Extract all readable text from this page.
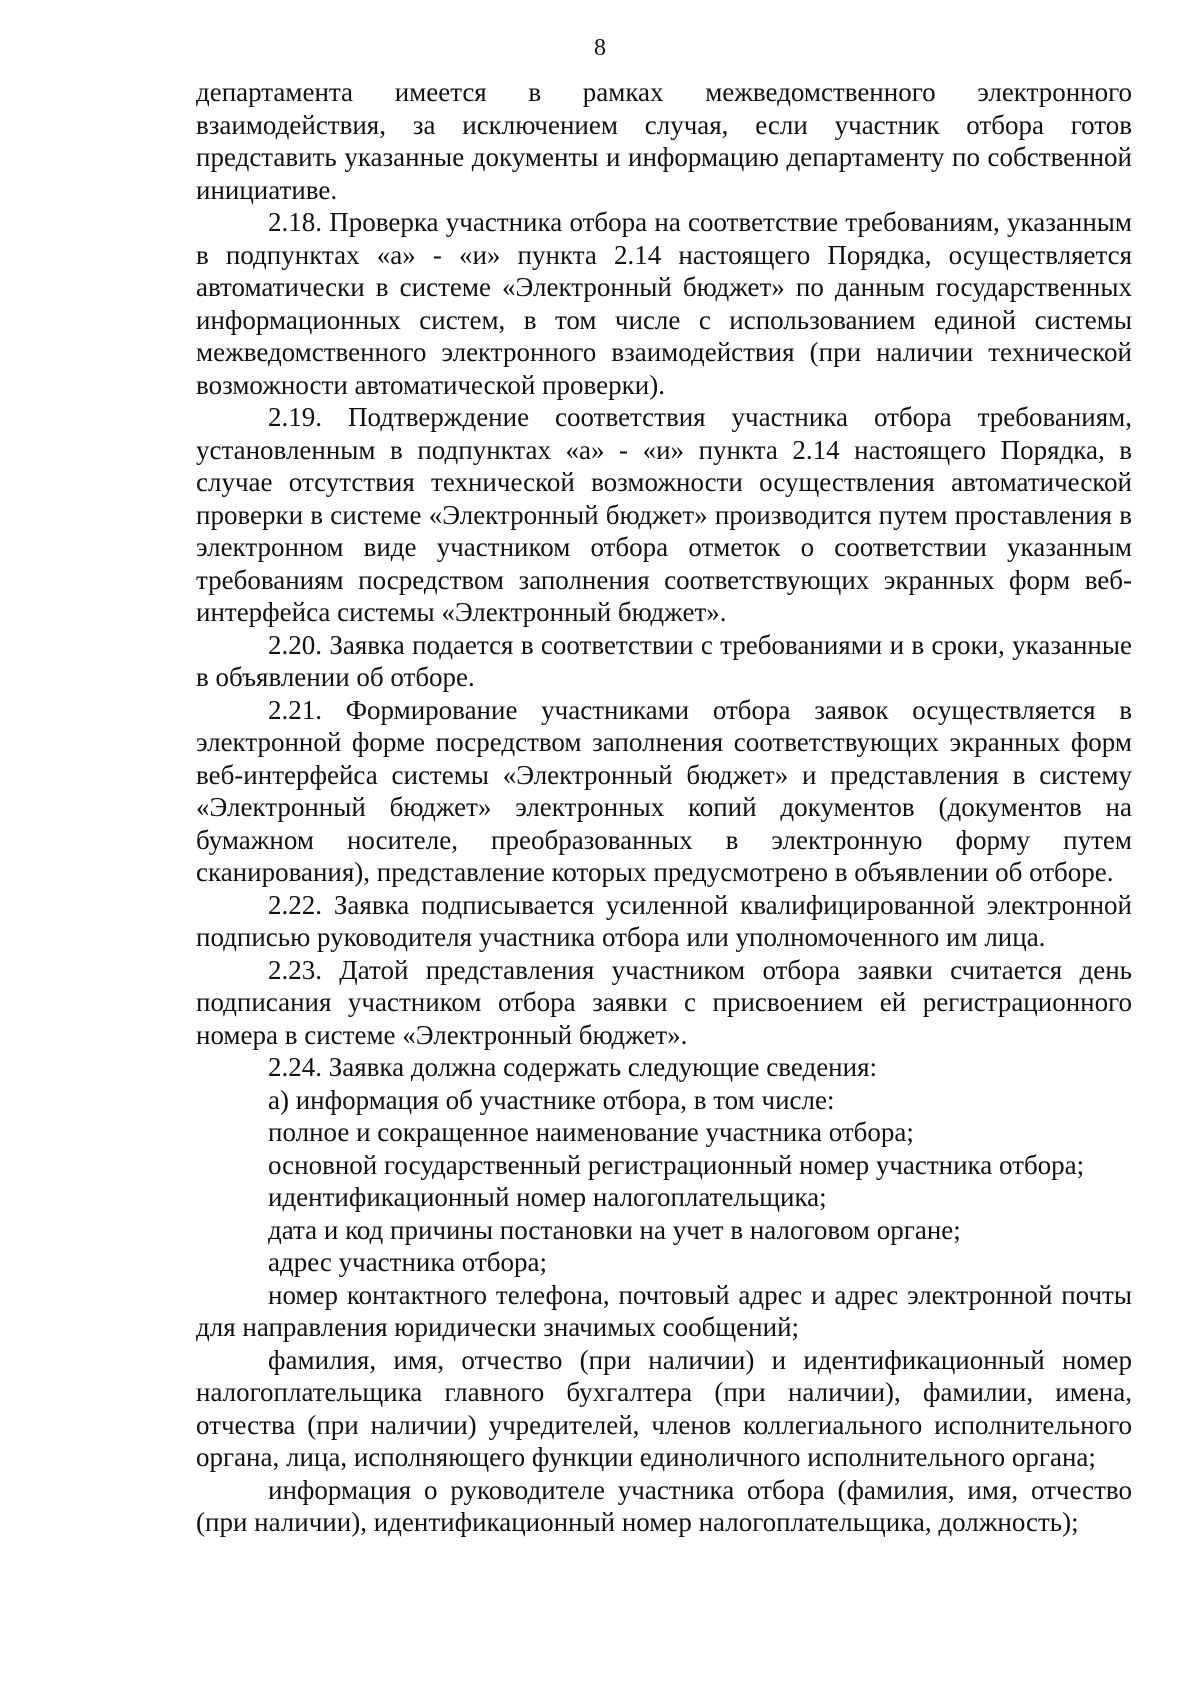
8

департамента имеется в рамках межведомственного электронного взаимодействия, за исключением случая, если участник отбора готов представить указанные документы и информацию департаменту по собственной инициативе.

2.18. Проверка участника отбора на соответствие требованиям, указанным в подпунктах «а» - «и» пункта 2.14 настоящего Порядка, осуществляется автоматически в системе «Электронный бюджет» по данным государственных информационных систем, в том числе с использованием единой системы межведомственного электронного взаимодействия (при наличии технической возможности автоматической проверки).

2.19. Подтверждение соответствия участника отбора требованиям, установленным в подпунктах «а» - «и» пункта 2.14 настоящего Порядка, в случае отсутствия технической возможности осуществления автоматической проверки в системе «Электронный бюджет» производится путем проставления в электронном виде участником отбора отметок о соответствии указанным требованиям посредством заполнения соответствующих экранных форм веб-интерфейса системы «Электронный бюджет».

2.20. Заявка подается в соответствии с требованиями и в сроки, указанные в объявлении об отборе.

2.21. Формирование участниками отбора заявок осуществляется в электронной форме посредством заполнения соответствующих экранных форм веб-интерфейса системы «Электронный бюджет» и представления в систему «Электронный бюджет» электронных копий документов (документов на бумажном носителе, преобразованных в электронную форму путем сканирования), представление которых предусмотрено в объявлении об отборе.

2.22. Заявка подписывается усиленной квалифицированной электронной подписью руководителя участника отбора или уполномоченного им лица.

2.23. Датой представления участником отбора заявки считается день подписания участником отбора заявки с присвоением ей регистрационного номера в системе «Электронный бюджет».

2.24. Заявка должна содержать следующие сведения:

а) информация об участнике отбора, в том числе:

полное и сокращенное наименование участника отбора;

основной государственный регистрационный номер участника отбора;

идентификационный номер налогоплательщика;

дата и код причины постановки на учет в налоговом органе;

адрес участника отбора;

номер контактного телефона, почтовый адрес и адрес электронной почты для направления юридически значимых сообщений;

фамилия, имя, отчество (при наличии) и идентификационный номер налогоплательщика главного бухгалтера (при наличии), фамилии, имена, отчества (при наличии) учредителей, членов коллегиального исполнительного органа, лица, исполняющего функции единоличного исполнительного органа;

информация о руководителе участника отбора (фамилия, имя, отчество (при наличии), идентификационный номер налогоплательщика, должность);
